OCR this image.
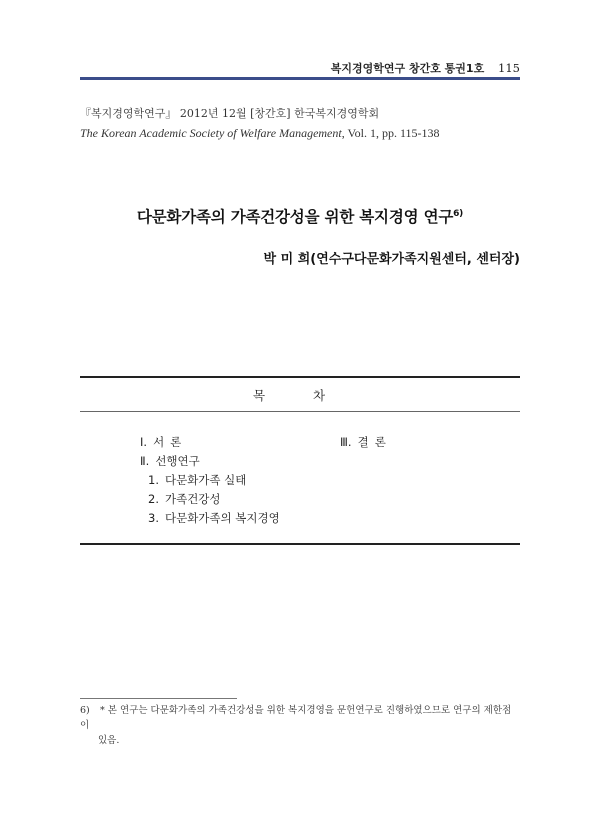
복지경영학연구 창간호 통권1호 115
『복지경영학연구』 2012년 12월 [창간호] 한국복지경영학회
The Korean Academic Society of Welfare Management, Vol. 1, pp. 115-138
다문화가족의 가족건강성을 위한 복지경영 연구$^{6)}$
박 미 희(연수구다문화가족지원센터, 센터장)
목 차
Ⅰ. 서론	Ⅲ. 결론
Ⅱ. 선행연구
1. 다문화가족 실태
2. 가족건강성
3. 다문화가족의 복지경영
6) * 본 연구는 다문화가족의 가족건강성을 위한 복지경영을 문헌연구로 진행하였으므로 연구의 제한점이
있음.
